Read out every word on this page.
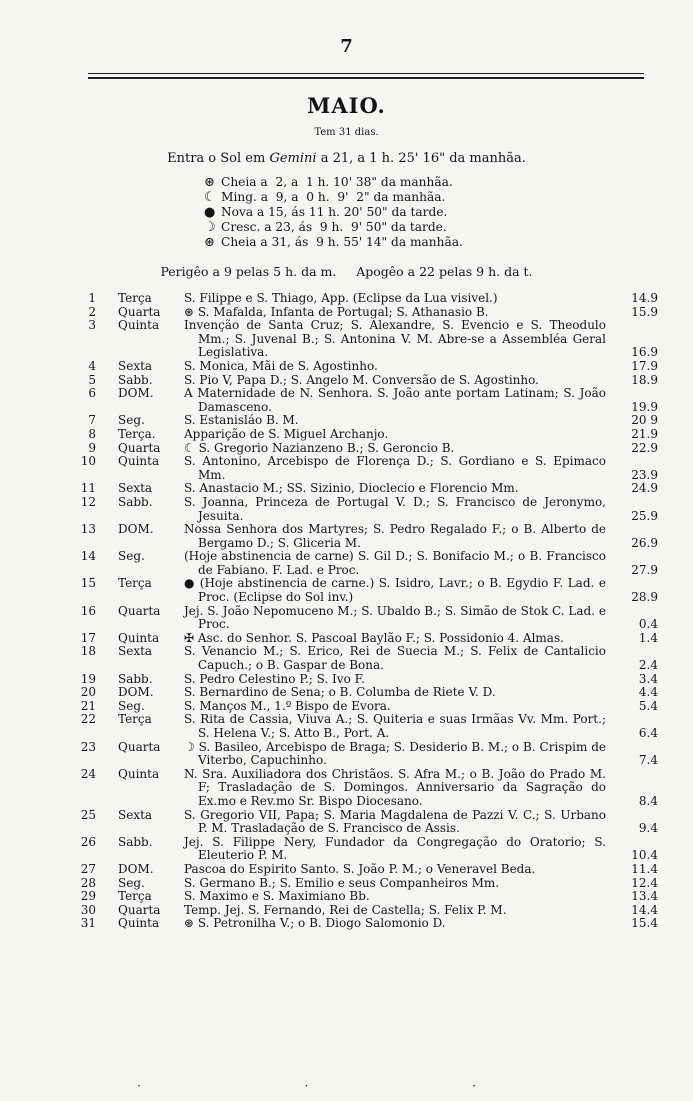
7
MAIO.
Tem 31 dias.
Entra o Sol em Gemini a 21, a 1 h. 25' 16" da manhãa.
⊛ Cheia a  2, a  1 h. 10' 38" da manhãa.
☾ Ming. a  9, a  0 h.  9'  2" da manhãa.
● Nova a 15, ás 11 h. 20' 50" da tarde.
☽ Cresc. a 23, ás  9 h.  9' 50" da tarde.
⊛ Cheia a 31, ás  9 h. 55' 14" da manhãa.
Perigêo a 9 pelas 5 h. da m.     Apogêo a 22 pelas 9 h. da t.
1 Terça	S. Filippe e S. Thiago, App. (Eclipse da Lua visivel.)	14.9
2 Quarta	⊛ S. Mafalda, Infanta de Portugal; S. Athanasio B.	15.9
3 Quinta	Invenção de Santa Cruz; S. Alexandre, S. Evencio e S. Theodulo Mm.; S. Juvenal B.; S. Antonina V. M. Abre-se a Assembléa Geral Legislativa.	16.9
4 Sexta	S. Monica, Mãi de S. Agostinho.	17.9
5 Sabb.	S. Pio V, Papa D.; S. Angelo M. Conversão de S. Agostinho.	18.9
6 DOM.	A Maternidade de N. Senhora. S. João ante portam Latinam; S. João Damasceno.	19.9
7 Seg.	S. Estanisláo B. M.	20 9
8 Terça.	Apparição de S. Miguel Archanjo.	21.9
9 Quarta	☾ S. Gregorio Nazianzeno B.; S. Geroncio B.	22.9
10 Quinta	S. Antonino, Arcebispo de Florença D.; S. Gordiano e S. Epimaco Mm.	23.9
11 Sexta	S. Anastacio M.; SS. Sizinio, Dioclecio e Florencio Mm.	24.9
12 Sabb.	S. Joanna, Princeza de Portugal V. D.; S. Francisco de Jeronymo, Jesuita.	25.9
13 DOM.	Nossa Senhora dos Martyres; S. Pedro Regalado F.; o B. Alberto de Bergamo D.; S. Gliceria M.	26.9
14 Seg.	(Hoje abstinencia de carne) S. Gil D.; S. Bonifacio M.; o B. Francisco de Fabiano. F. Lad. e Proc.	27.9
15 Terça	● (Hoje abstinencia de carne.) S. Isidro, Lavr.; o B. Egydio F. Lad. e Proc. (Eclipse do Sol inv.)	28.9
16 Quarta	Jej. S. João Nepomuceno M.; S. Ubaldo B.; S. Simão de Stok C. Lad. e Proc.	0.4
17 Quinta	✠ Asc. do Senhor. S. Pascoal Baylão F.; S. Possidonio 4. Almas.	1.4
18 Sexta	S. Venancio M.; S. Erico, Rei de Suecia M.; S. Felix de Cantalicio Capuch.; o B. Gaspar de Bona.	2.4
19 Sabb.	S. Pedro Celestino P.; S. Ivo F.	3.4
20 DOM.	S. Bernardino de Sena; o B. Columba de Riete V. D.	4.4
21 Seg.	S. Manços M., 1.º Bispo de Evora.	5.4
22 Terça	S. Rita de Cassia, Viuva A.; S. Quiteria e suas Irmãas Vv. Mm. Port.; S. Helena V.; S. Atto B., Port. A.	6.4
23 Quarta	☽ S. Basileo, Arcebispo de Braga; S. Desiderio B. M.; o B. Crispim de Viterbo, Capuchinho.	7.4
24 Quinta	N. Sra. Auxiliadora dos Christãos. S. Afra M.; o B. João do Prado M. F; Trasladação de S. Domingos. Anniversario da Sagração do Ex.mo e Rev.mo Sr. Bispo Diocesano.	8.4
25 Sexta	S. Gregorio VII, Papa; S. Maria Magdalena de Pazzi V. C.; S. Urbano P. M. Trasladação de S. Francisco de Assis.	9.4
26 Sabb.	Jej. S. Filippe Nery, Fundador da Congregação do Oratorio; S. Eleuterio P. M.	10.4
27 DOM.	Pascoa do Espirito Santo. S. João P. M.; o Veneravel Beda.	11.4
28 Seg.	S. Germano B.; S. Emilio e seus Companheiros Mm.	12.4
29 Terça	S. Maximo e S. Maximiano Bb.	13.4
30 Quarta	Temp. Jej. S. Fernando, Rei de Castella; S. Felix P. M.	14.4
31 Quinta	⊛ S. Petronilha V.; o B. Diogo Salomonio D.	15.4
· · ·
